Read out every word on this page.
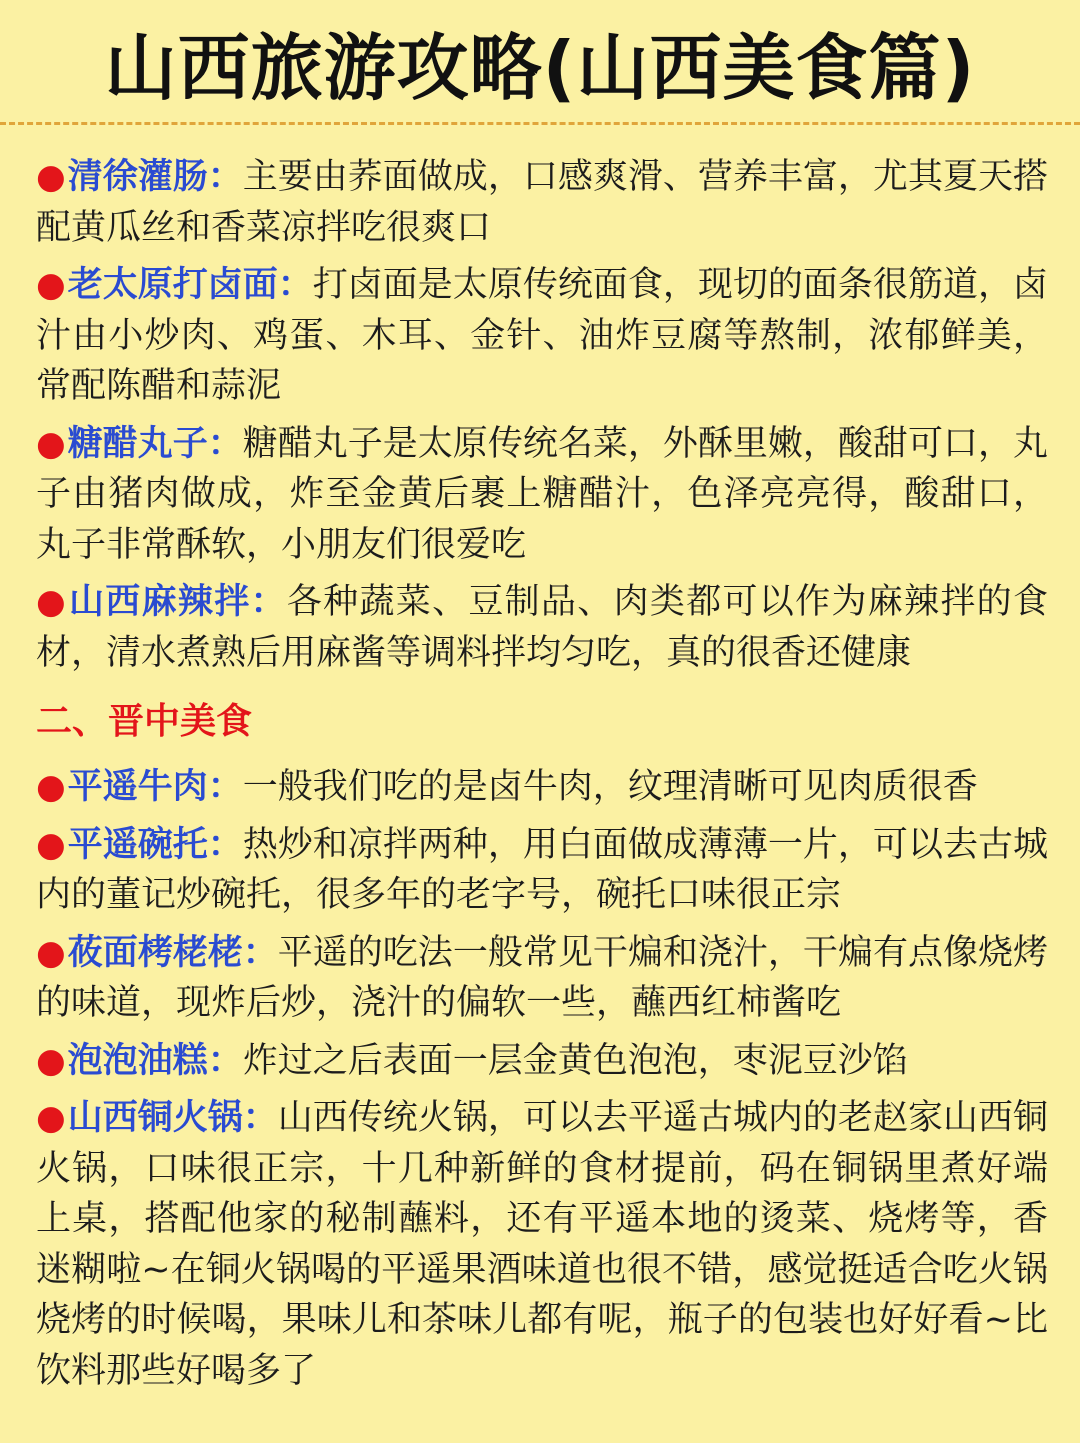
山西旅游攻略(山西美食篇)
●清徐灌肠：主要由荞面做成，口感爽滑、营养丰富，尤其夏天搭配黄瓜丝和香菜凉拌吃很爽口
●老太原打卤面：打卤面是太原传统面食，现切的面条很筋道，卤汁由小炒肉、鸡蛋、木耳、金针、油炸豆腐等熬制，浓郁鲜美，常配陈醋和蒜泥
●糖醋丸子：糖醋丸子是太原传统名菜，外酥里嫩，酸甜可口，丸子由猪肉做成，炸至金黄后裹上糖醋汁，色泽亮亮得，酸甜口，丸子非常酥软，小朋友们很爱吃
●山西麻辣拌：各种蔬菜、豆制品、肉类都可以作为麻辣拌的食材，清水煮熟后用麻酱等调料拌均匀吃，真的很香还健康
二、晋中美食
●平遥牛肉：一般我们吃的是卤牛肉，纹理清晰可见肉质很香
●平遥碗托：热炒和凉拌两种，用白面做成薄薄一片，可以去古城内的董记炒碗托，很多年的老字号，碗托口味很正宗
●莜面栲栳栳：平遥的吃法一般常见干煸和浇汁，干煸有点像烧烤的味道，现炸后炒，浇汁的偏软一些，蘸西红柿酱吃
●泡泡油糕：炸过之后表面一层金黄色泡泡，枣泥豆沙馅
●山西铜火锅：山西传统火锅，可以去平遥古城内的老赵家山西铜火锅，口味很正宗，十几种新鲜的食材提前，码在铜锅里煮好端上桌，搭配他家的秘制蘸料，还有平遥本地的烫菜、烧烤等，香迷糊啦~在铜火锅喝的平遥果酒味道也很不错，感觉挺适合吃火锅烧烤的时候喝，果味儿和茶味儿都有呢，瓶子的包装也好好看~比饮料那些好喝多了
